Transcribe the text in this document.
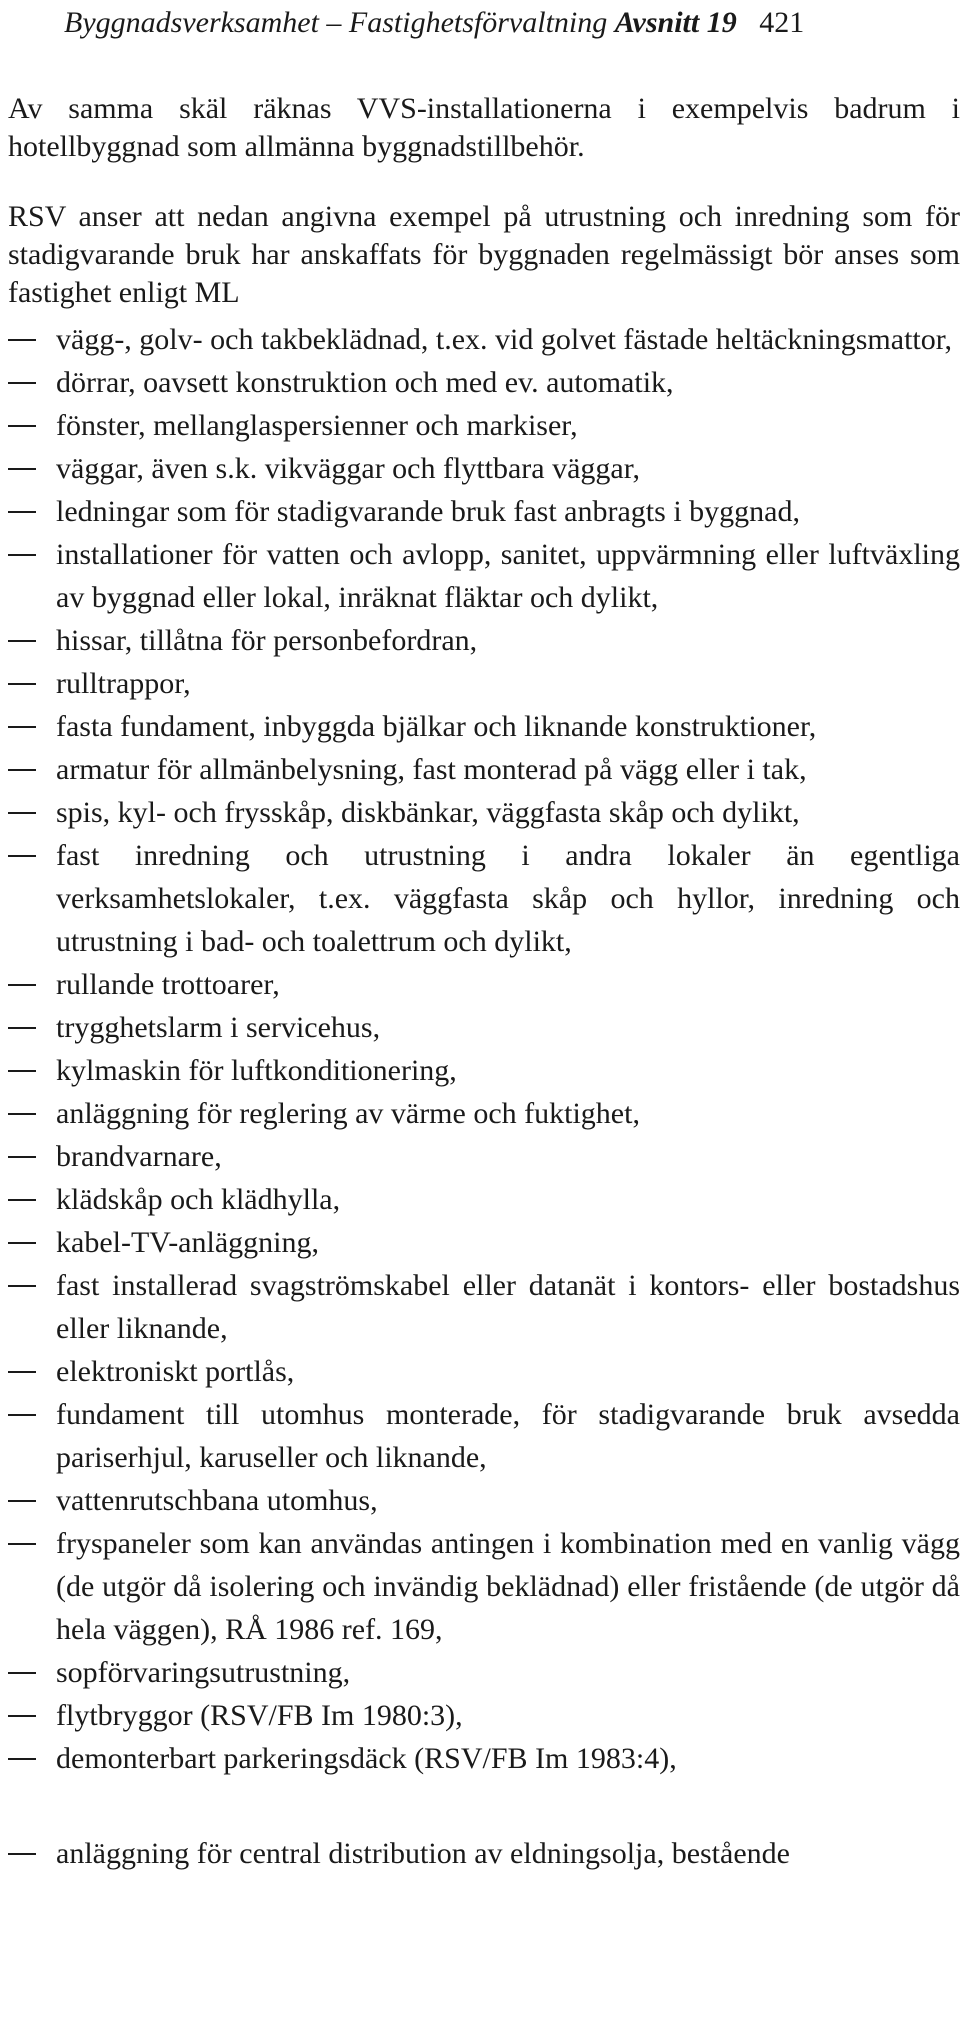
Byggnadsverksamhet – Fastighetsförvaltning Avsnitt 19 421

Av samma skäl räknas VVS-installationerna i exempelvis badrum i hotellbyggnad som allmänna byggnadstillbehör.

RSV anser att nedan angivna exempel på utrustning och inredning som för stadigvarande bruk har anskaffats för byggnaden regelmässigt bör anses som fastighet enligt ML

vägg-, golv- och takbeklädnad, t.ex. vid golvet fästade heltäckningsmattor,
dörrar, oavsett konstruktion och med ev. automatik,
fönster, mellanglaspersienner och markiser,
väggar, även s.k. vikväggar och flyttbara väggar,
ledningar som för stadigvarande bruk fast anbragts i byggnad,
installationer för vatten och avlopp, sanitet, uppvärmning eller luftväxling av byggnad eller lokal, inräknat fläktar och dylikt,
hissar, tillåtna för personbefordran,
rulltrappor,
fasta fundament, inbyggda bjälkar och liknande konstruktioner,
armatur för allmänbelysning, fast monterad på vägg eller i tak,
spis, kyl- och frysskåp, diskbänkar, väggfasta skåp och dylikt,
fast inredning och utrustning i andra lokaler än egentliga verksamhetslokaler, t.ex. väggfasta skåp och hyllor, inredning och utrustning i bad- och toalettrum och dylikt,
rullande trottoarer,
trygghetslarm i servicehus,
kylmaskin för luftkonditionering,
anläggning för reglering av värme och fuktighet,
brandvarnare,
klädskåp och klädhylla,
kabel-TV-anläggning,
fast installerad svagströmskabel eller datanät i kontors- eller bostadshus eller liknande,
elektroniskt portlås,
fundament till utomhus monterade, för stadigvarande bruk avsedda pariserhjul, karuseller och liknande,
vattenrutschbana utomhus,
fryspaneler som kan användas antingen i kombination med en vanlig vägg (de utgör då isolering och invändig beklädnad) eller fristående (de utgör då hela väggen), RÅ 1986 ref. 169,
sopförvaringsutrustning,
flytbryggor (RSV/FB Im 1980:3),
demonterbart parkeringsdäck (RSV/FB Im 1983:4),
anläggning för central distribution av eldningsolja, bestående
